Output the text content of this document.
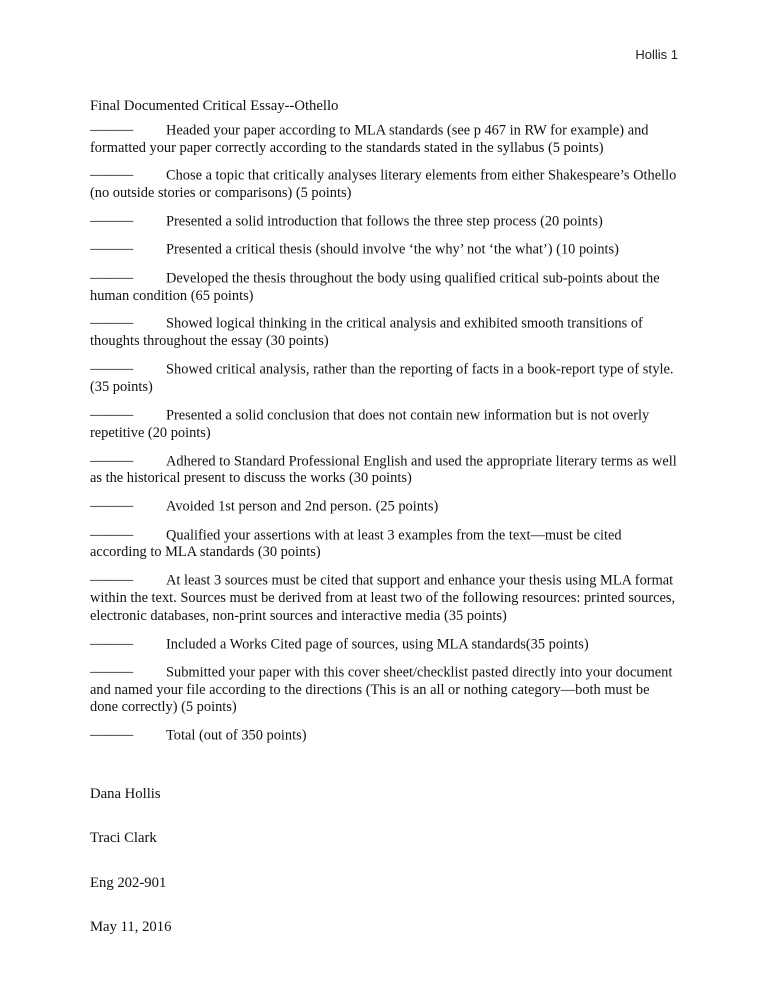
Hollis 1
Final Documented Critical Essay--Othello
______ Headed your paper according to MLA standards (see p 467 in RW for example) and formatted your paper correctly according to the standards stated in the syllabus (5 points)
______ Chose a topic that critically analyses literary elements from either Shakespeare’s Othello (no outside stories or comparisons) (5 points)
______ Presented a solid introduction that follows the three step process (20 points)
______ Presented a critical thesis (should involve ‘the why’ not ‘the what’) (10 points)
______ Developed the thesis throughout the body using qualified critical sub-points about the human condition (65 points)
______ Showed logical thinking in the critical analysis and exhibited smooth transitions of thoughts throughout the essay (30 points)
______ Showed critical analysis, rather than the reporting of facts in a book-report type of style. (35 points)
______ Presented a solid conclusion that does not contain new information but is not overly repetitive (20 points)
______ Adhered to Standard Professional English and used the appropriate literary terms as well as the historical present to discuss the works (30 points)
______ Avoided 1st person and 2nd person. (25 points)
______ Qualified your assertions with at least 3 examples from the text—must be cited according to MLA standards (30 points)
______ At least 3 sources must be cited that support and enhance your thesis using MLA format within the text. Sources must be derived from at least two of the following resources: printed sources, electronic databases, non-print sources and interactive media (35 points)
______ Included a Works Cited page of sources, using MLA standards(35 points)
______ Submitted your paper with this cover sheet/checklist pasted directly into your document and named your file according to the directions (This is an all or nothing category—both must be done correctly) (5 points)
______ Total (out of 350 points)

Dana Hollis

Traci Clark

Eng 202-901

May 11, 2016
